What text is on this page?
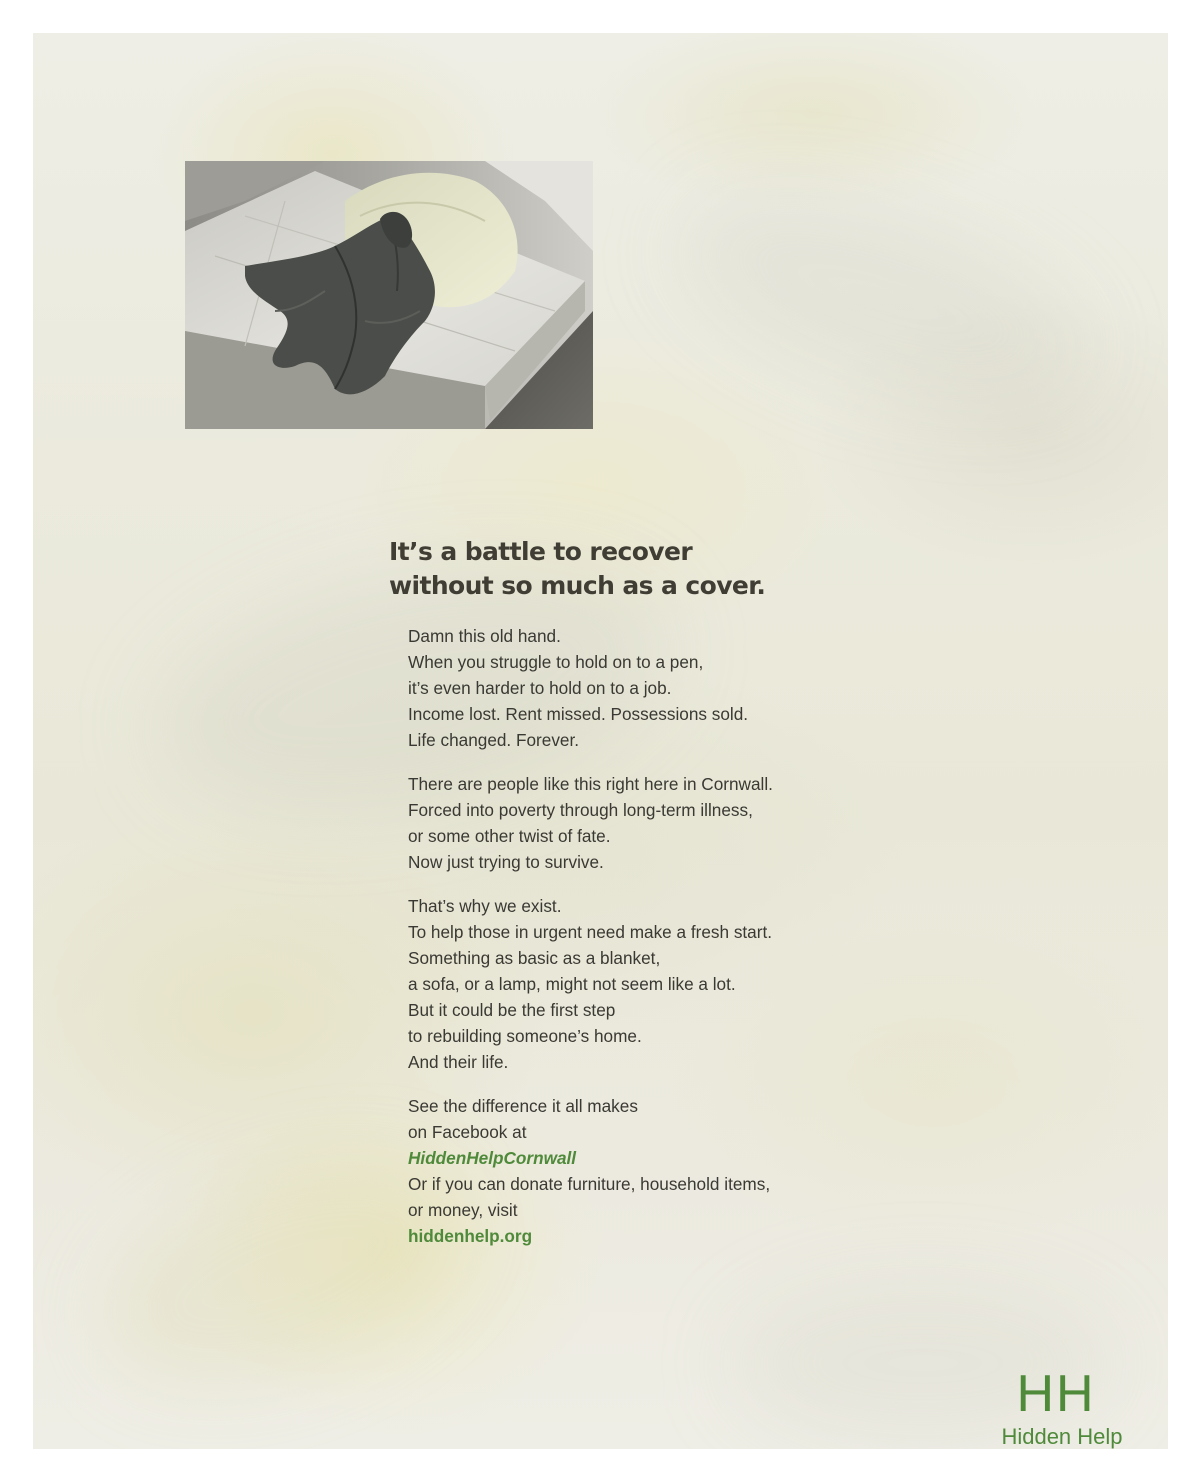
It’s a battle to recover
without so much as a cover.

Damn this old hand.
When you struggle to hold on to a pen,
it’s even harder to hold on to a job.
Income lost. Rent missed. Possessions sold.
Life changed. Forever.

There are people like this right here in Cornwall.
Forced into poverty through long-term illness,
or some other twist of fate.
Now just trying to survive.

That’s why we exist.
To help those in urgent need make a fresh start.
Something as basic as a blanket,
a sofa, or a lamp, might not seem like a lot.
But it could be the first step
to rebuilding someone’s home.
And their life.

See the difference it all makes
on Facebook at
HiddenHelpCornwall
Or if you can donate furniture, household items,
or money, visit
hiddenhelp.org

HH
Hidden Help
